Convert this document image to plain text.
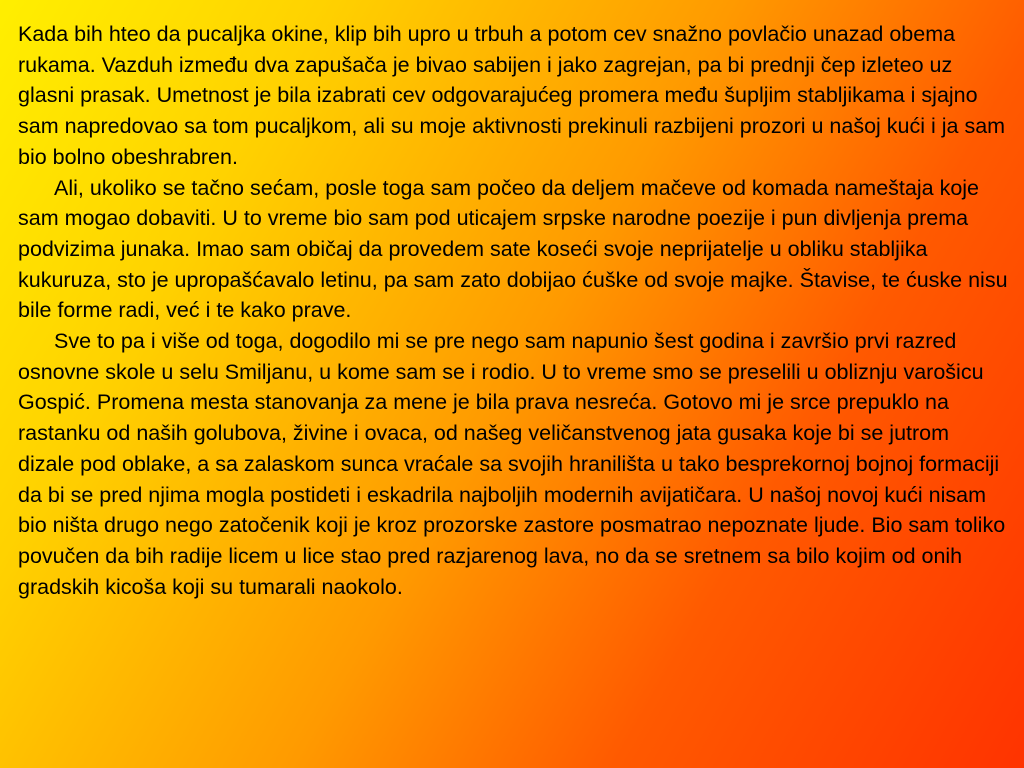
Kada bih hteo da pucaljka okine, klip bih upro u trbuh a potom cev snažno povlačio unazad obema rukama. Vazduh između dva zapušača je bivao sabijen i jako zagrejan, pa bi prednji čep izleteo uz glasni prasak. Umetnost je bila izabrati cev odgovarajućeg promera među šupljim stabljikama i sjajno sam napredovao sa tom pucaljkom, ali su moje aktivnosti prekinuli razbijeni prozori u našoj kući i ja sam bio bolno obeshrabren.

Ali, ukoliko se tačno sećam, posle toga sam počeo da deljem mačeve od komada nameštaja koje sam mogao dobaviti. U to vreme bio sam pod uticajem srpske narodne poezije i pun divljenja prema podvizima junaka. Imao sam običaj da provedem sate koseći svoje neprijatelje u obliku stabljika kukuruza, sto je upropašćavalo letinu, pa sam zato dobijao ćuške od svoje majke. Štavise, te ćuske nisu bile forme radi, već i te kako prave.

Sve to pa i više od toga, dogodilo mi se pre nego sam napunio šest godina i završio prvi razred osnovne skole u selu Smiljanu, u kome sam se i rodio. U to vreme smo se preselili u obliznju varošicu Gospić. Promena mesta stanovanja za mene je bila prava nesreća. Gotovo mi je srce prepuklo na rastanku od naših golubova, živine i ovaca, od našeg veličanstvenog jata gusaka koje bi se jutrom dizale pod oblake, a sa zalaskom sunca vraćale sa svojih hranilišta u tako besprekornoj bojnoj formaciji da bi se pred njima mogla postideti i eskadrila najboljih modernih avijatičara. U našoj novoj kući nisam bio ništa drugo nego zatočenik koji je kroz prozorske zastore posmatrao nepoznate ljude. Bio sam toliko povučen da bih radije licem u lice stao pred razjarenog lava, no da se sretnem sa bilo kojim od onih gradskih kicoša koji su tumarali naokolo.
